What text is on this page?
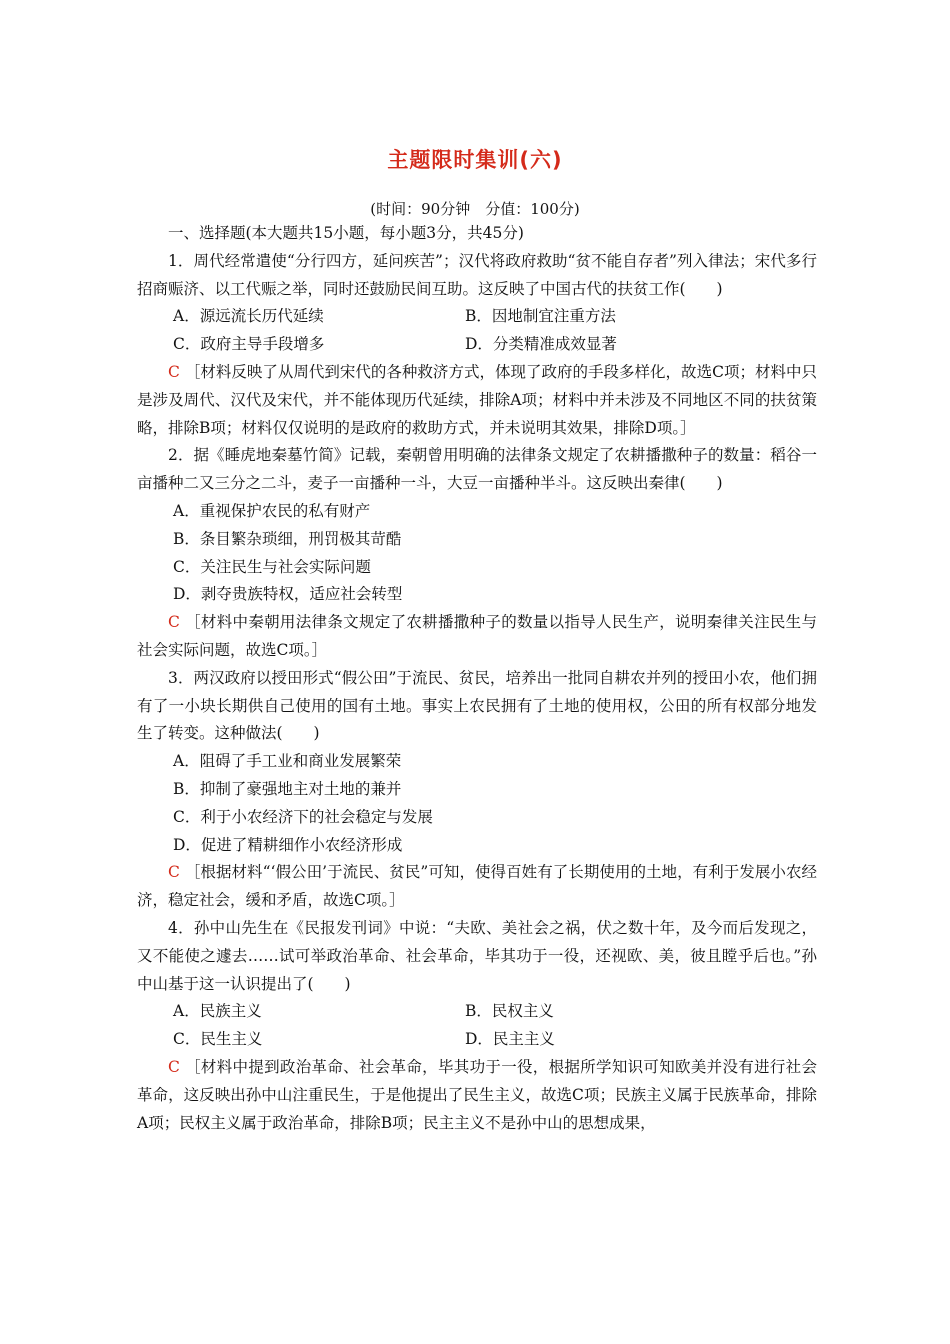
主题限时集训(六)
(时间：90分钟　分值：100分)

一、选择题(本大题共15小题，每小题3分，共45分)

1．周代经常遣使“分行四方，延问疾苦”；汉代将政府救助“贫不能自存者”列入律法；宋代多行招商赈济、以工代赈之举，同时还鼓励民间互助。这反映了中国古代的扶贫工作(　　)

A．源远流长历代延续	B．因地制宜注重方法
C．政府主导手段增多	D．分类精准成效显著

C ［材料反映了从周代到宋代的各种救济方式，体现了政府的手段多样化，故选C项；材料中只是涉及周代、汉代及宋代，并不能体现历代延续，排除A项；材料中并未涉及不同地区不同的扶贫策略，排除B项；材料仅仅说明的是政府的救助方式，并未说明其效果，排除D项。］

2．据《睡虎地秦墓竹简》记载，秦朝曾用明确的法律条文规定了农耕播撒种子的数量：稻谷一亩播种二又三分之二斗，麦子一亩播种一斗，大豆一亩播种半斗。这反映出秦律(　　)

A．重视保护农民的私有财产

B．条目繁杂琐细，刑罚极其苛酷

C．关注民生与社会实际问题

D．剥夺贵族特权，适应社会转型

C ［材料中秦朝用法律条文规定了农耕播撒种子的数量以指导人民生产，说明秦律关注民生与社会实际问题，故选C项。］

3．两汉政府以授田形式“假公田”于流民、贫民，培养出一批同自耕农并列的授田小农，他们拥有了一小块长期供自己使用的国有土地。事实上农民拥有了土地的使用权，公田的所有权部分地发生了转变。这种做法(　　)

A．阻碍了手工业和商业发展繁荣

B．抑制了豪强地主对土地的兼并

C．利于小农经济下的社会稳定与发展

D．促进了精耕细作小农经济形成

C ［根据材料“‘假公田’于流民、贫民”可知，使得百姓有了长期使用的土地，有利于发展小农经济，稳定社会，缓和矛盾，故选C项。］

4．孙中山先生在《民报发刊词》中说：“夫欧、美社会之祸，伏之数十年，及今而后发现之，又不能使之遽去……试可举政治革命、社会革命，毕其功于一役，还视欧、美，彼且瞠乎后也。”孙中山基于这一认识提出了(　　)

A．民族主义	B．民权主义
C．民生主义	D．民主主义

C ［材料中提到政治革命、社会革命，毕其功于一役，根据所学知识可知欧美并没有进行社会革命，这反映出孙中山注重民生，于是他提出了民生主义，故选C项；民族主义属于民族革命，排除A项；民权主义属于政治革命，排除B项；民主主义不是孙中山的思想成果，
